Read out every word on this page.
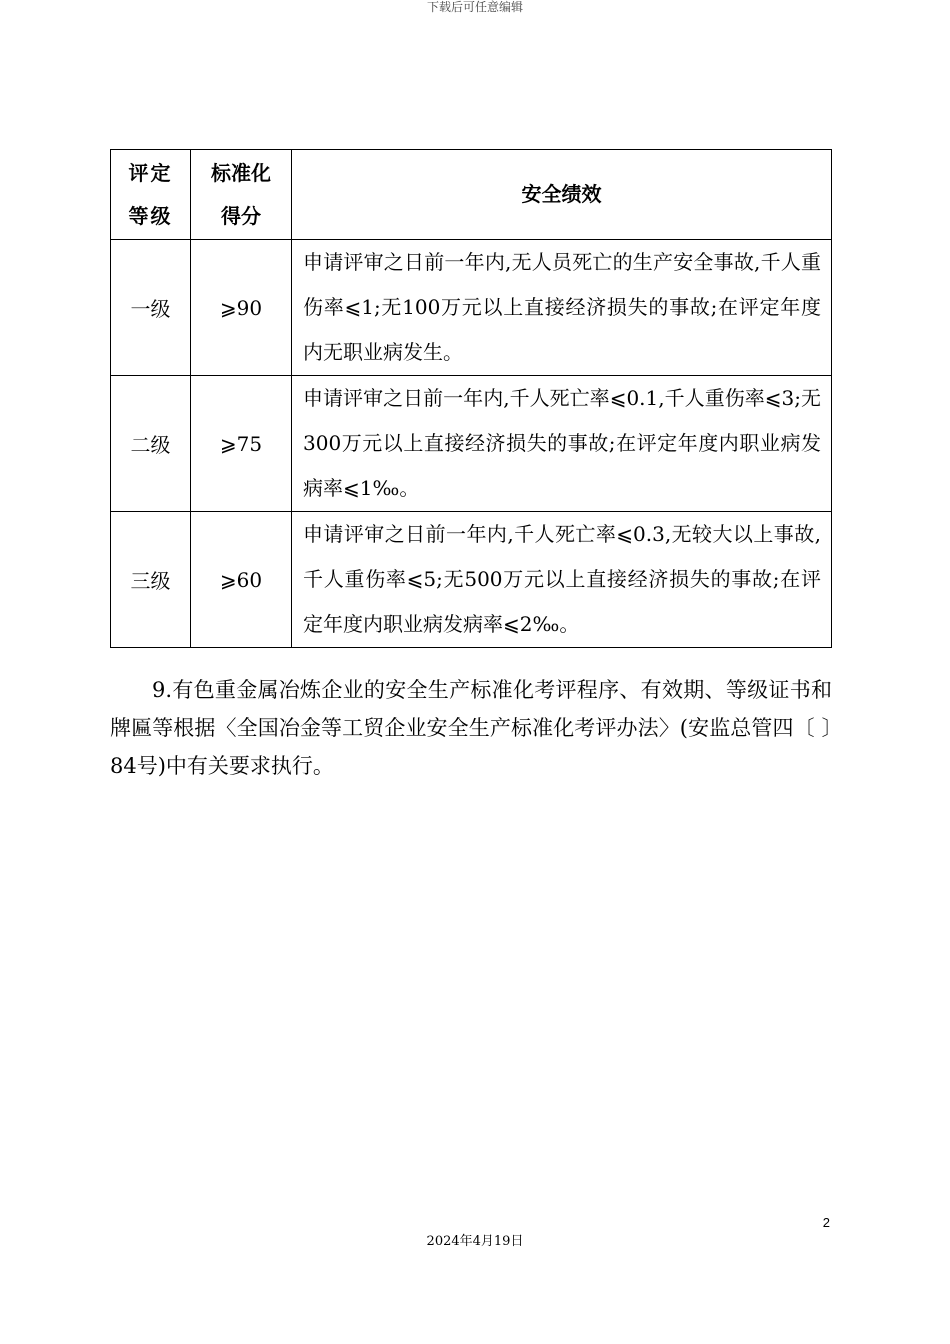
下载后可任意编辑
评定等级	标准化得分	安全绩效
一级	⩾90	申请评审之日前一年内,无人员死亡的生产安全事故,千人重伤率⩽1;无100万元以上直接经济损失的事故;在评定年度内无职业病发生。
二级	⩾75	申请评审之日前一年内,千人死亡率⩽0.1,千人重伤率⩽3;无300万元以上直接经济损失的事故;在评定年度内职业病发病率⩽1‰。
三级	⩾60	申请评审之日前一年内,千人死亡率⩽0.3,无较大以上事故,千人重伤率⩽5;无500万元以上直接经济损失的事故;在评定年度内职业病发病率⩽2‰。

9.有色重金属冶炼企业的安全生产标准化考评程序、有效期、等级证书和牌匾等根据〈全国冶金等工贸企业安全生产标准化考评办法〉(安监总管四〔 〕84号)中有关要求执行。

2
2024年4月19日
